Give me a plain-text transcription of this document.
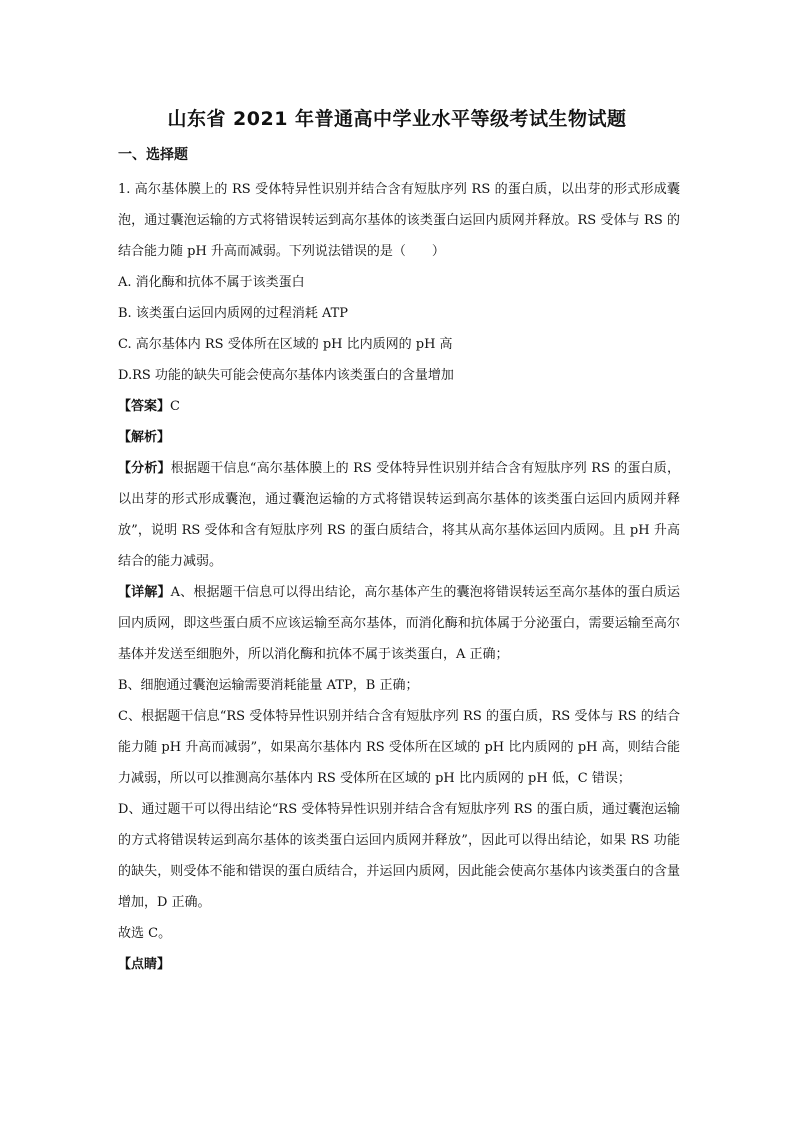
山东省 2021 年普通高中学业水平等级考试生物试题
一、选择题

1. 高尔基体膜上的 RS 受体特异性识别并结合含有短肽序列 RS 的蛋白质，以出芽的形式形成囊泡，通过囊泡运输的方式将错误转运到高尔基体的该类蛋白运回内质网并释放。RS 受体与 RS 的结合能力随 pH 升高而减弱。下列说法错误的是（　　）

A. 消化酶和抗体不属于该类蛋白

B. 该类蛋白运回内质网的过程消耗 ATP

C. 高尔基体内 RS 受体所在区域的 pH 比内质网的 pH 高

D.RS 功能的缺失可能会使高尔基体内该类蛋白的含量增加

【答案】C

【解析】

【分析】根据题干信息“高尔基体膜上的 RS 受体特异性识别并结合含有短肽序列 RS 的蛋白质，以出芽的形式形成囊泡，通过囊泡运输的方式将错误转运到高尔基体的该类蛋白运回内质网并释放”，说明 RS 受体和含有短肽序列 RS 的蛋白质结合，将其从高尔基体运回内质网。且 pH 升高结合的能力减弱。

【详解】A、根据题干信息可以得出结论，高尔基体产生的囊泡将错误转运至高尔基体的蛋白质运回内质网，即这些蛋白质不应该运输至高尔基体，而消化酶和抗体属于分泌蛋白，需要运输至高尔基体并发送至细胞外，所以消化酶和抗体不属于该类蛋白，A 正确；

B、细胞通过囊泡运输需要消耗能量 ATP，B 正确；

C、根据题干信息“RS 受体特异性识别并结合含有短肽序列 RS 的蛋白质，RS 受体与 RS 的结合能力随 pH 升高而减弱”，如果高尔基体内 RS 受体所在区域的 pH 比内质网的 pH 高，则结合能力减弱，所以可以推测高尔基体内 RS 受体所在区域的 pH 比内质网的 pH 低，C 错误；

D、通过题干可以得出结论“RS 受体特异性识别并结合含有短肽序列 RS 的蛋白质，通过囊泡运输的方式将错误转运到高尔基体的该类蛋白运回内质网并释放”，因此可以得出结论，如果 RS 功能的缺失，则受体不能和错误的蛋白质结合，并运回内质网，因此能会使高尔基体内该类蛋白的含量增加，D 正确。

故选 C。

【点睛】
